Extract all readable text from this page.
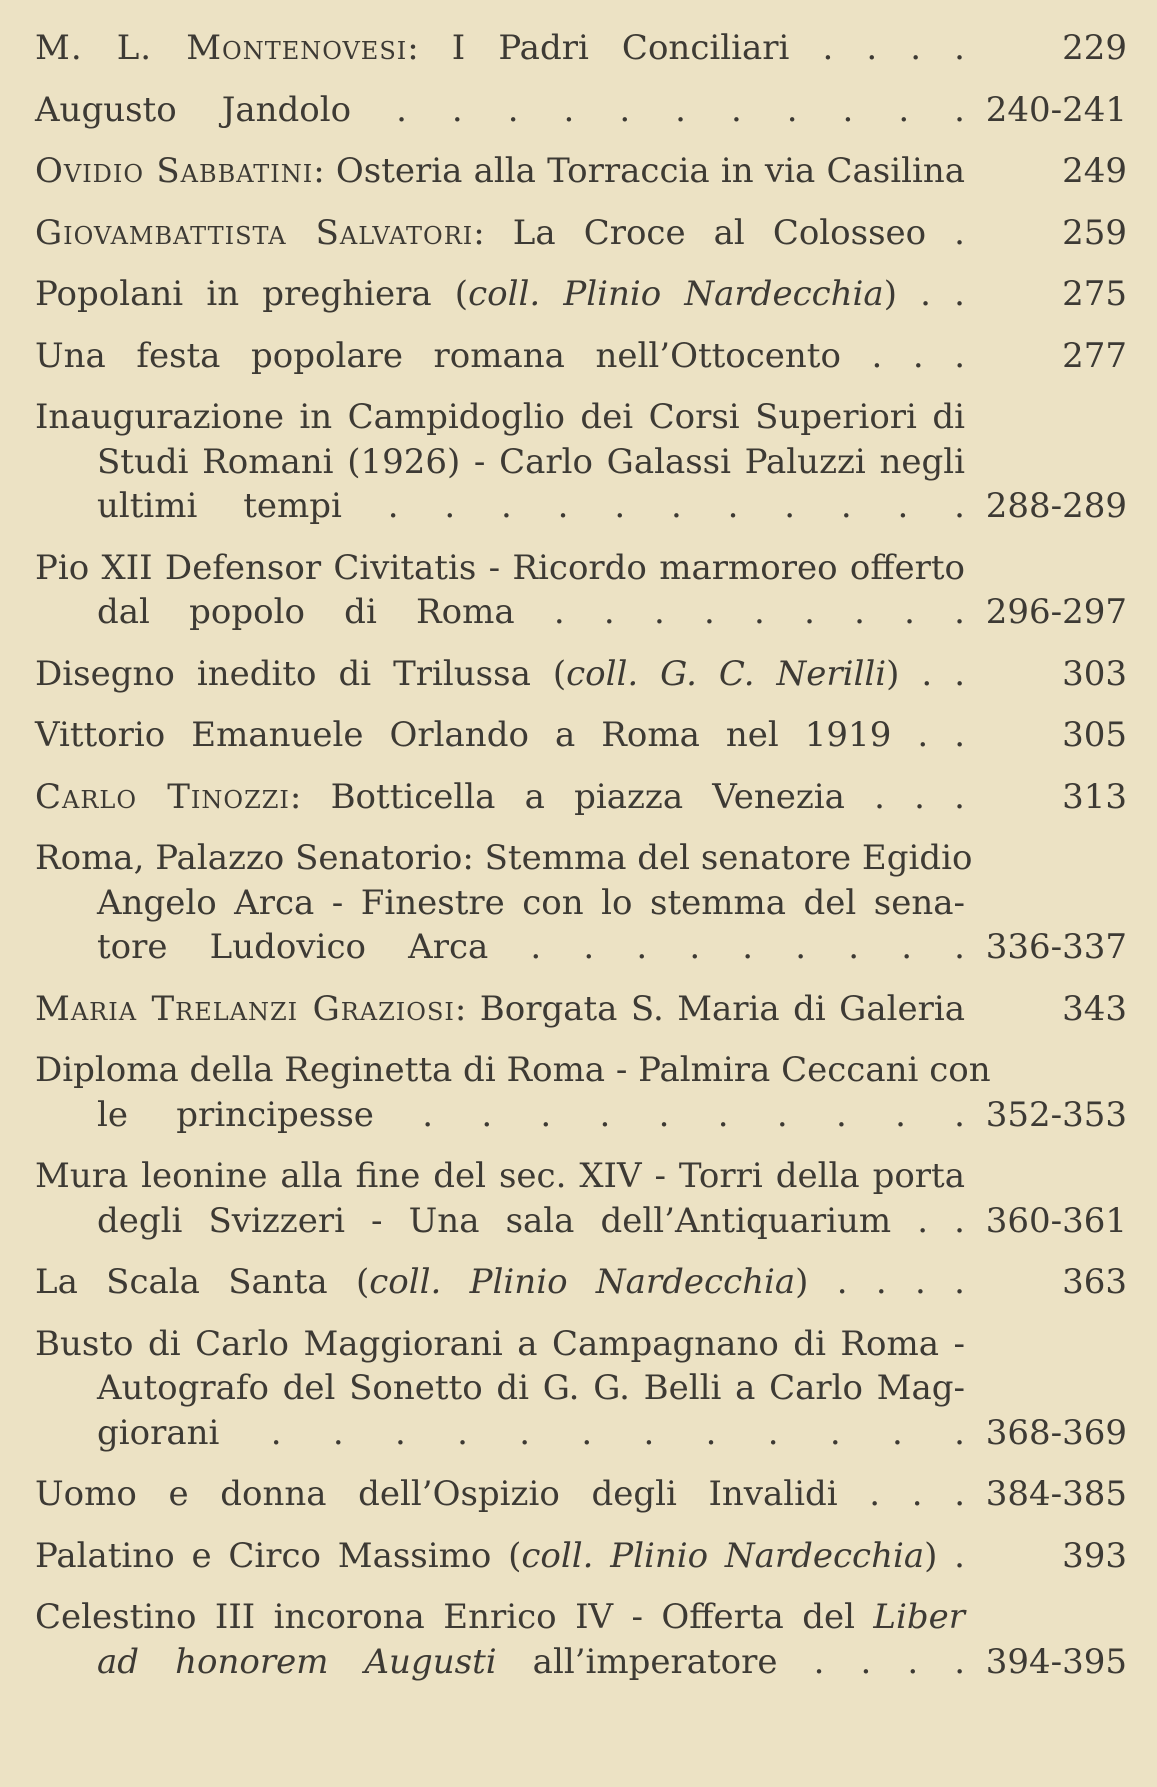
M. L. Montenovesi: I Padri Conciliari . . . .	229
Augusto Jandolo . . . . . . . . . . . 240-241
Ovidio Sabbatini: Osteria alla Torraccia in via Casilina	249
Giovambattista Salvatori: La Croce al Colosseo .	259
Popolani in preghiera (coll. Plinio Nardecchia) . .	275
Una festa popolare romana nell’Ottocento . . .	277
Inaugurazione in Campidoglio dei Corsi Superiori di
Studi Romani (1926) - Carlo Galassi Paluzzi negli
ultimi tempi . . . . . . . . . . . 288-289
Pio XII Defensor Civitatis - Ricordo marmoreo offerto
dal popolo di Roma . . . . . . . . . 296-297
Disegno inedito di Trilussa (coll. G. C. Nerilli) . .	303
Vittorio Emanuele Orlando a Roma nel 1919 . .	305
Carlo Tinozzi: Botticella a piazza Venezia . . .	313
Roma, Palazzo Senatorio: Stemma del senatore Egidio
Angelo Arca - Finestre con lo stemma del sena-
tore Ludovico Arca . . . . . . . . . 336-337
Maria Trelanzi Graziosi: Borgata S. Maria di Galeria	343
Diploma della Reginetta di Roma - Palmira Ceccani con
le principesse . . . . . . . . . . 352-353
Mura leonine alla fine del sec. XIV - Torri della porta
degli Svizzeri - Una sala dell’Antiquarium . . 360-361
La Scala Santa (coll. Plinio Nardecchia) . . . .	363
Busto di Carlo Maggiorani a Campagnano di Roma -
Autografo del Sonetto di G. G. Belli a Carlo Mag-
giorani . . . . . . . . . . . . 368-369
Uomo e donna dell’Ospizio degli Invalidi . . . 384-385
Palatino e Circo Massimo (coll. Plinio Nardecchia) .	393
Celestino III incorona Enrico IV - Offerta del Liber
ad honorem Augusti all’imperatore . . . . 394-395
